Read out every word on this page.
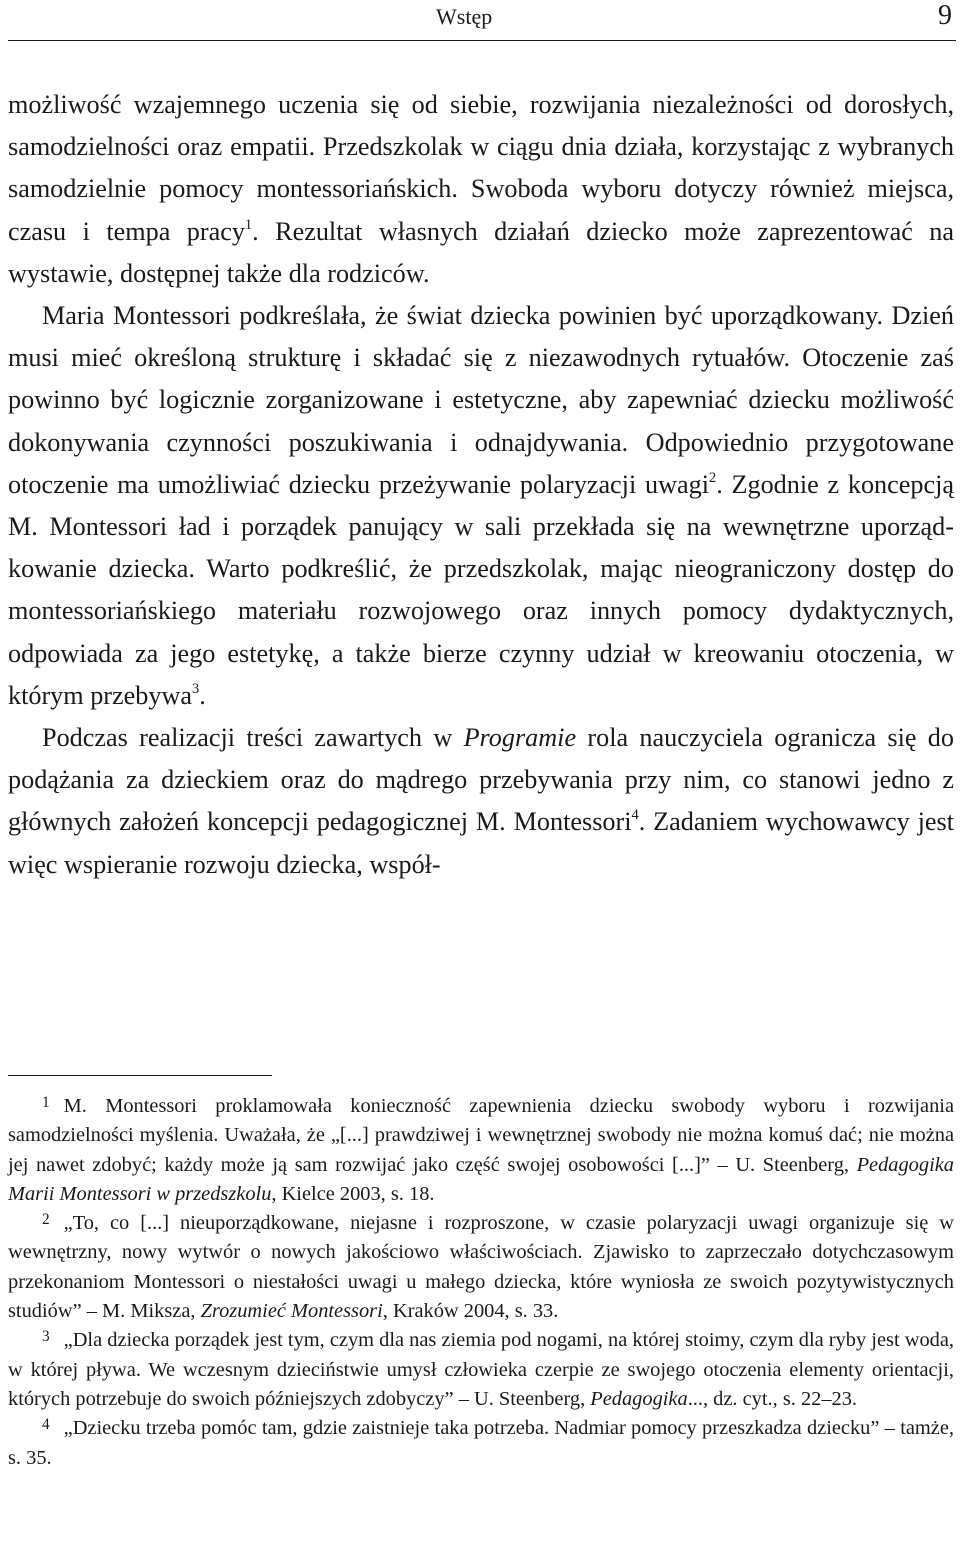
Wstęp	9

możliwość wzajemnego uczenia się od siebie, rozwijania niezależności od dorosłych, samodzielności oraz empatii. Przedszkolak w ciągu dnia działa, korzystając z wybranych samodzielnie pomocy montessoriańskich. Swoboda wyboru dotyczy również miejsca, czasu i tempa pracy$^1$. Rezultat własnych działań dziecko może zaprezentować na wystawie, dostępnej także dla rodziców.

Maria Montessori podkreślała, że świat dziecka powinien być uporządkowany. Dzień musi mieć określoną strukturę i składać się z niezawodnych rytuałów. Otoczenie zaś powinno być logicznie zorganizowane i estetyczne, aby zapewniać dziecku możliwość dokonywania czynności poszukiwania i odnajdywania. Odpowiednio przygotowane otoczenie ma umożliwiać dziecku przeżywanie polaryzacji uwagi$^2$. Zgodnie z koncepcją M. Montessori ład i porządek panujący w sali przekłada się na wewnętrzne uporządkowanie dziecka. Warto podkreślić, że przedszkolak, mając nieograniczony dostęp do montessoriańskiego materiału rozwojowego oraz innych pomocy dydaktycznych, odpowiada za jego estetykę, a także bierze czynny udział w kreowaniu otoczenia, w którym przebywa$^3$.

Podczas realizacji treści zawartych w Programie rola nauczyciela ogranicza się do podążania za dzieckiem oraz do mądrego przebywania przy nim, co stanowi jedno z głównych założeń koncepcji pedagogicznej M. Montessori$^4$. Zadaniem wychowawcy jest więc wspieranie rozwoju dziecka, współ-

$^1$ M. Montessori proklamowała konieczność zapewnienia dziecku swobody wyboru i rozwijania samodzielności myślenia. Uważała, że „[...] prawdziwej i wewnętrznej swobody nie można komuś dać; nie można jej nawet zdobyć; każdy może ją sam rozwijać jako część swojej osobowości [...]” – U. Steenberg, Pedagogika Marii Montessori w przedszkolu, Kielce 2003, s. 18.

$^2$ „To, co [...] nieuporządkowane, niejasne i rozproszone, w czasie polaryzacji uwagi organizuje się w wewnętrzny, nowy wytwór o nowych jakościowo właściwościach. Zjawisko to zaprzeczało dotychczasowym przekonaniom Montessori o niestałości uwagi u małego dziecka, które wyniosła ze swoich pozytywistycznych studiów” – M. Miksza, Zrozumieć Montessori, Kraków 2004, s. 33.

$^3$ „Dla dziecka porządek jest tym, czym dla nas ziemia pod nogami, na której stoimy, czym dla ryby jest woda, w której pływa. We wczesnym dzieciństwie umysł człowieka czerpie ze swojego otoczenia elementy orientacji, których potrzebuje do swoich późniejszych zdobyczy” – U. Steenberg, Pedagogika..., dz. cyt., s. 22–23.

$^4$ „Dziecku trzeba pomóc tam, gdzie zaistnieje taka potrzeba. Nadmiar pomocy przeszkadza dziecku” – tamże, s. 35.
